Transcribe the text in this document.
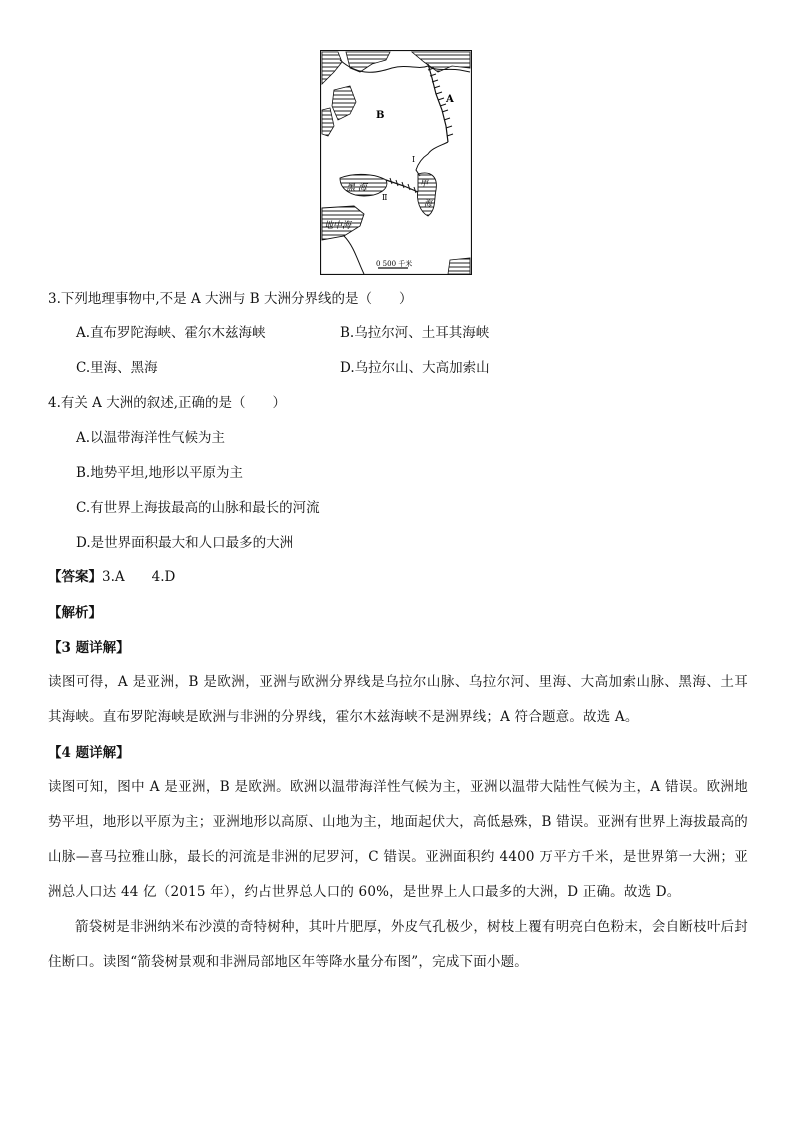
A
B
黑 海	甲
海
Ⅰ
Ⅱ
地中海
0 500 千米
3.下列地理事物中,不是 A 大洲与 B 大洲分界线的是（　　）
A.直布罗陀海峡、霍尔木兹海峡	B.乌拉尔河、土耳其海峡
C.里海、黑海	D.乌拉尔山、大高加索山
4.有关 A 大洲的叙述,正确的是（　　）
A.以温带海洋性气候为主
B.地势平坦,地形以平原为主
C.有世界上海拔最高的山脉和最长的河流
D.是世界面积最大和人口最多的大洲
【答案】3.A　　4.D
【解析】
【3 题详解】
读图可得，A 是亚洲，B 是欧洲，亚洲与欧洲分界线是乌拉尔山脉、乌拉尔河、里海、大高加索山脉、黑海、土耳其海峡。直布罗陀海峡是欧洲与非洲的分界线，霍尔木兹海峡不是洲界线；A 符合题意。故选 A。
【4 题详解】
读图可知，图中 A 是亚洲，B 是欧洲。欧洲以温带海洋性气候为主，亚洲以温带大陆性气候为主，A 错误。欧洲地势平坦，地形以平原为主；亚洲地形以高原、山地为主，地面起伏大，高低悬殊，B 错误。亚洲有世界上海拔最高的山脉—喜马拉雅山脉，最长的河流是非洲的尼罗河，C 错误。亚洲面积约 4400 万平方千米，是世界第一大洲；亚洲总人口达 44 亿（2015 年），约占世界总人口的 60%，是世界上人口最多的大洲，D 正确。故选 D。
箭袋树是非洲纳米布沙漠的奇特树种，其叶片肥厚，外皮气孔极少，树枝上覆有明亮白色粉末，会自断枝叶后封住断口。读图“箭袋树景观和非洲局部地区年等降水量分布图”，完成下面小题。
